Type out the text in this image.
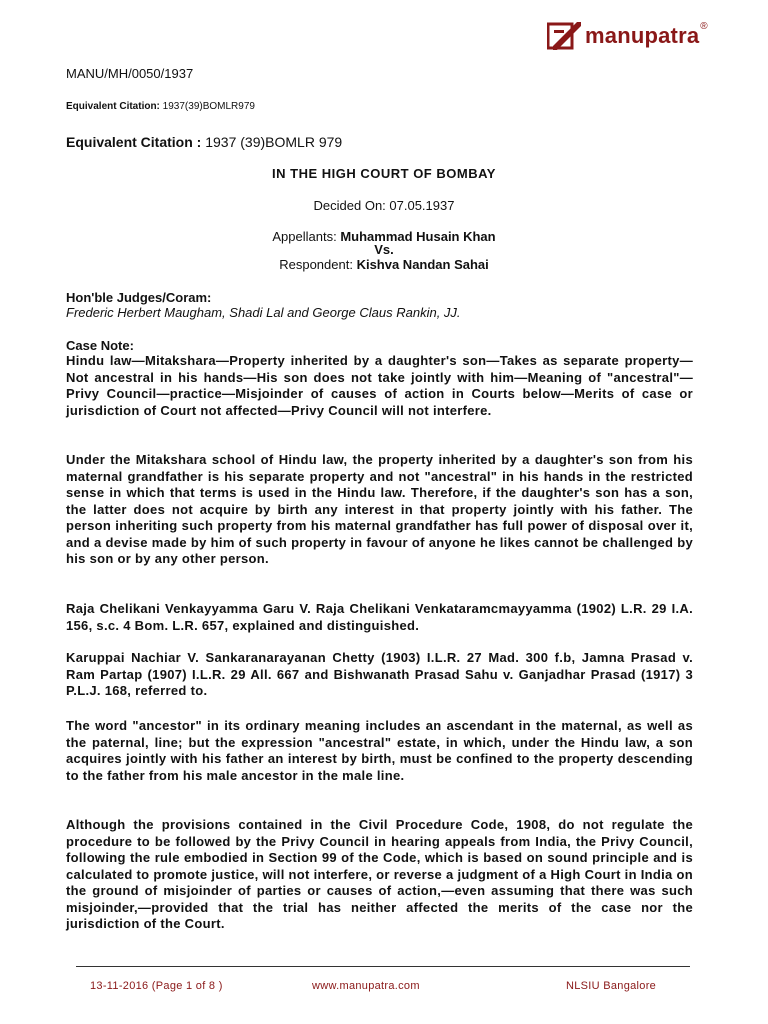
manupatra ®
MANU/MH/0050/1937
Equivalent Citation: 1937(39)BOMLR979
Equivalent Citation : 1937 (39)BOMLR 979
IN THE HIGH COURT OF BOMBAY
Decided On: 07.05.1937
Appellants: Muhammad Husain Khan
Vs.
Respondent: Kishva Nandan Sahai
Hon'ble Judges/Coram:
Frederic Herbert Maugham, Shadi Lal and George Claus Rankin, JJ.
Case Note:
Hindu law—Mitakshara—Property inherited by a daughter's son—Takes as separate property—Not ancestral in his hands—His son does not take jointly with him—Meaning of "ancestral"—Privy Council—practice—Misjoinder of causes of action in Courts below—Merits of case or jurisdiction of Court not affected—Privy Council will not interfere.
Under the Mitakshara school of Hindu law, the property inherited by a daughter's son from his maternal grandfather is his separate property and not "ancestral" in his hands in the restricted sense in which that terms is used in the Hindu law. Therefore, if the daughter's son has a son, the latter does not acquire by birth any interest in that property jointly with his father. The person inheriting such property from his maternal grandfather has full power of disposal over it, and a devise made by him of such property in favour of anyone he likes cannot be challenged by his son or by any other person.
Raja Chelikani Venkayyamma Garu V. Raja Chelikani Venkataramcmayyamma (1902) L.R. 29 I.A. 156, s.c. 4 Bom. L.R. 657, explained and distinguished.
Karuppai Nachiar V. Sankaranarayanan Chetty (1903) I.L.R. 27 Mad. 300 f.b, Jamna Prasad v. Ram Partap (1907) I.L.R. 29 All. 667 and Bishwanath Prasad Sahu v. Ganjadhar Prasad (1917) 3 P.L.J. 168, referred to.
The word "ancestor" in its ordinary meaning includes an ascendant in the maternal, as well as the paternal, line; but the expression "ancestral" estate, in which, under the Hindu law, a son acquires jointly with his father an interest by birth, must be confined to the property descending to the father from his male ancestor in the male line.
Although the provisions contained in the Civil Procedure Code, 1908, do not regulate the procedure to be followed by the Privy Council in hearing appeals from India, the Privy Council, following the rule embodied in Section 99 of the Code, which is based on sound principle and is calculated to promote justice, will not interfere, or reverse a judgment of a High Court in India on the ground of misjoinder of parties or causes of action,—even assuming that there was such misjoinder,—provided that the trial has neither affected the merits of the case nor the jurisdiction of the Court.
13-11-2016 (Page 1 of 8 )	www.manupatra.com	NLSIU Bangalore
